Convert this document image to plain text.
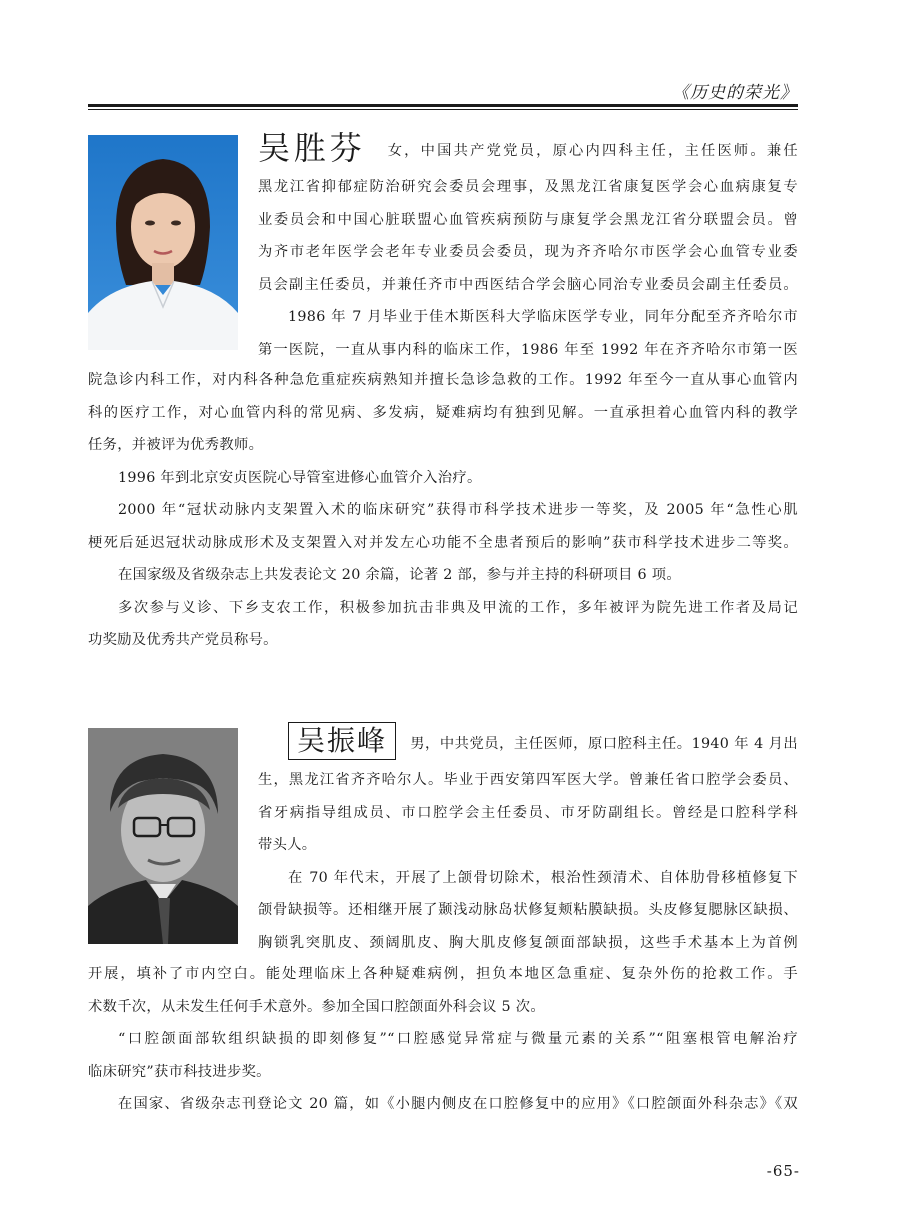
《历史的荣光》
吴胜芬 女，中国共产党党员，原心内四科主任，主任医师。兼任
黑龙江省抑郁症防治研究会委员会理事，及黑龙江省康复医学会心血病康复专
业委员会和中国心脏联盟心血管疾病预防与康复学会黑龙江省分联盟会员。曾
为齐市老年医学会老年专业委员会委员，现为齐齐哈尔市医学会心血管专业委
员会副主任委员，并兼任齐市中西医结合学会脑心同治专业委员会副主任委员。
1986 年 7 月毕业于佳木斯医科大学临床医学专业，同年分配至齐齐哈尔市
第一医院，一直从事内科的临床工作，1986 年至 1992 年在齐齐哈尔市第一医
院急诊内科工作，对内科各种急危重症疾病熟知并擅长急诊急救的工作。1992 年至今一直从事心血管内
科的医疗工作，对心血管内科的常见病、多发病，疑难病均有独到见解。一直承担着心血管内科的教学
任务，并被评为优秀教师。
1996 年到北京安贞医院心导管室进修心血管介入治疗。
2000 年“冠状动脉内支架置入术的临床研究”获得市科学技术进步一等奖，及 2005 年“急性心肌
梗死后延迟冠状动脉成形术及支架置入对并发左心功能不全患者预后的影响”获市科学技术进步二等奖。
在国家级及省级杂志上共发表论文 20 余篇，论著 2 部，参与并主持的科研项目 6 项。
多次参与义诊、下乡支农工作，积极参加抗击非典及甲流的工作，多年被评为院先进工作者及局记
功奖励及优秀共产党员称号。
吴振峰 男，中共党员，主任医师，原口腔科主任。1940 年 4 月出
生，黑龙江省齐齐哈尔人。毕业于西安第四军医大学。曾兼任省口腔学会委员、
省牙病指导组成员、市口腔学会主任委员、市牙防副组长。曾经是口腔科学科
带头人。
在 70 年代末，开展了上颌骨切除术，根治性颈清术、自体肋骨移植修复下
颌骨缺损等。还相继开展了颞浅动脉岛状修复颊粘膜缺损。头皮修复腮脉区缺损、
胸锁乳突肌皮、颈阔肌皮、胸大肌皮修复颌面部缺损，这些手术基本上为首例
开展，填补了市内空白。能处理临床上各种疑难病例，担负本地区急重症、复杂外伤的抢救工作。手
术数千次，从未发生任何手术意外。参加全国口腔颌面外科会议 5 次。
“口腔颌面部软组织缺损的即刻修复”“口腔感觉异常症与微量元素的关系”“阻塞根管电解治疗
临床研究”获市科技进步奖。
在国家、省级杂志刊登论文 20 篇，如《小腿内侧皮在口腔修复中的应用》《口腔颌面外科杂志》《双
-65-
